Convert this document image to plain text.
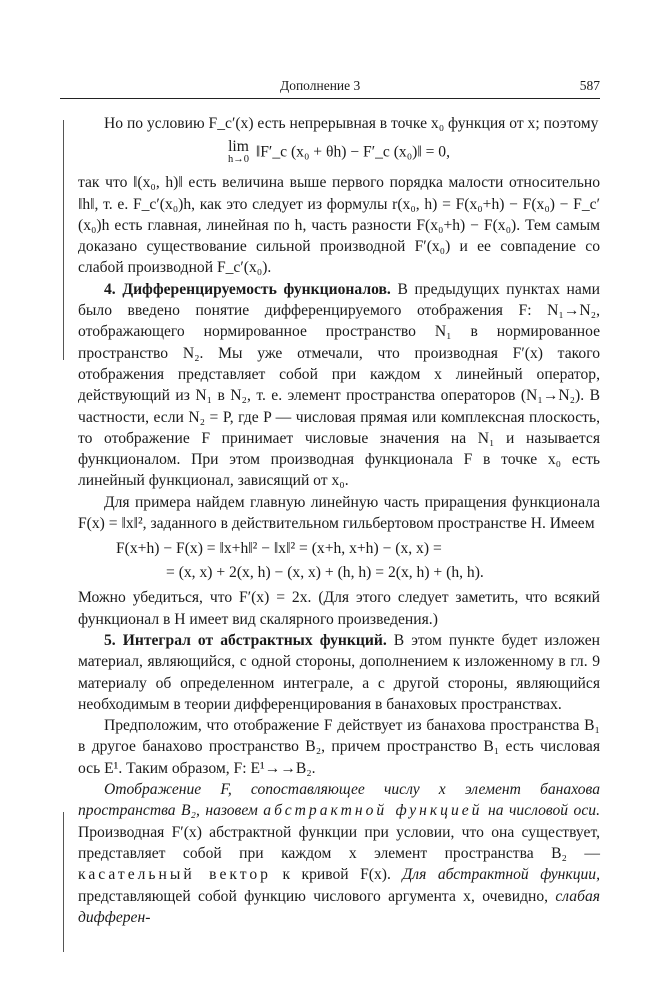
Дополнение 3	587

Но по условию F_c′(x) есть непрерывная в точке x₀ функция от x; поэтому

lim
h→0 ‖F′_c (x₀ + θh) − F′_c (x₀)‖ = 0,

так что ‖(x₀, h)‖ есть величина выше первого порядка малости относительно ‖h‖, т. е. F_c′(x₀)h, как это следует из формулы r(x₀, h) = F(x₀+h) − F(x₀) − F_c′(x₀)h есть главная, линейная по h, часть разности F(x₀+h) − F(x₀). Тем самым доказано существование сильной производной F′(x₀) и ее совпадение со слабой производной F_c′(x₀).

4. Дифференцируемость функционалов. В предыдущих пунктах нами было введено понятие дифференцируемого отображения F: N₁→N₂, отображающего нормированное пространство N₁ в нормированное пространство N₂. Мы уже отмечали, что производная F′(x) такого отображения представляет собой при каждом x линейный оператор, действующий из N₁ в N₂, т. е. элемент пространства операторов (N₁→N₂). В частности, если N₂ = P, где P — числовая прямая или комплексная плоскость, то отображение F принимает числовые значения на N₁ и называется функционалом. При этом производная функционала F в точке x₀ есть линейный функционал, зависящий от x₀.

Для примера найдем главную линейную часть приращения функционала F(x) = ‖x‖², заданного в действительном гильбертовом пространстве H. Имеем

F(x+h) − F(x) = ‖x+h‖² − ‖x‖² = (x+h, x+h) − (x, x) =
= (x, x) + 2(x, h) − (x, x) + (h, h) = 2(x, h) + (h, h).

Можно убедиться, что F′(x) = 2x. (Для этого следует заметить, что всякий функционал в H имеет вид скалярного произведения.)

5. Интеграл от абстрактных функций. В этом пункте будет изложен материал, являющийся, с одной стороны, дополнением к изложенному в гл. 9 материалу об определенном интеграле, а с другой стороны, являющийся необходимым в теории дифференцирования в банаховых пространствах.

Предположим, что отображение F действует из банахова пространства B₁ в другое банахово пространство B₂, причем пространство B₁ есть числовая ось E¹. Таким образом, F: E¹→→B₂.

Отображение F, сопоставляющее числу x элемент банахова пространства B₂, назовем абстрактной функцией на числовой оси. Производная F′(x) абстрактной функции при условии, что она существует, представляет собой при каждом x элемент пространства B₂ — касательный вектор к кривой F(x). Для абстрактной функции, представляющей собой функцию числового аргумента x, очевидно, слабая дифферен-
